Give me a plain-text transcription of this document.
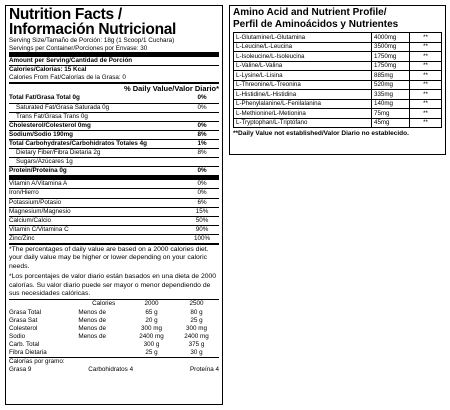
Nutrition Facts /
Información Nutricional
Serving Size/Tamaño de Porción: 18g (1 Scoop/1 Cuchara)
Servings per Container/Porciones por Envase: 30
Amount per Serving/Cantidad de Porción
Calories/Calorías: 15 Kcal
Calories From Fat/Calorías de la Grasa: 0
% Daily Value/Valor Diario*
Total Fat/Grasa Total 0g	0%
Saturated Fat/Grasa Saturada 0g	0%
Trans Fat/Grasa Trans 0g
Cholesterol/Colesterol 0mg	0%
Sodium/Sodio 190mg	8%
Total Carbohydrates/Carbohidratos Totales 4g	1%
Dietary Fiber/Fibra Dietaria 2g	8%
Sugars/Azúcares 1g
Protein/Proteína 0g	0%
Vitamin A/Vitamina A	0%
Iron/Hierro	0%
Potassium/Potasio	6%
Magnesium/Magnesio	15%
Calcium/Calcio	50%
Vitamin C/Vitamina C	90%
Zinc/Zinc	100%
*The percentages of daily value are based on a 2000 calories diet. your daily value may be higher or lower depending on your caloric needs.
*Los porcentajes de valor diario están basados en una dieta de 2000 calorías. Su valor diario puede ser mayor o menor dependiendo de sus necesidades calóricas.
	Calories	2000	2500
Grasa Total	Menos de	65 g	80 g
Grasa Sat	Menos de	20 g	25 g
Colesterol	Menos de	300 mg	300 mg
Sodio	Menos de	2400 mg	2400 mg
Carb. Total		300 g	375 g
Fibra Dietaria		25 g	30 g
Calorías por gramo:
Grasa 9	Carbohidratos 4	Proteína 4
Amino Acid and Nutrient Profile/
Perfil de Aminoácidos y Nutrientes
L-Glutamine/L-Glutamina	4000mg	**
L-Leucine/L-Leucina	3500mg	**
L-Isoleucine/L-Isoleucina	1750mg	**
L-Valine/L-Valina	1750mg	**
L-Lysine/L-Lisina	885mg	**
L-Threonine/L-Treonina	520mg	**
L-Histidine/L-Histidina	335mg	**
L-Phenylalanine/L-Fenilalanina	140mg	**
L-Methionine/L-Metionina	75mg	**
L-Tryptophan/L-Triptófano	45mg	**
**Daily Value not established/Valor Diario no establecido.
